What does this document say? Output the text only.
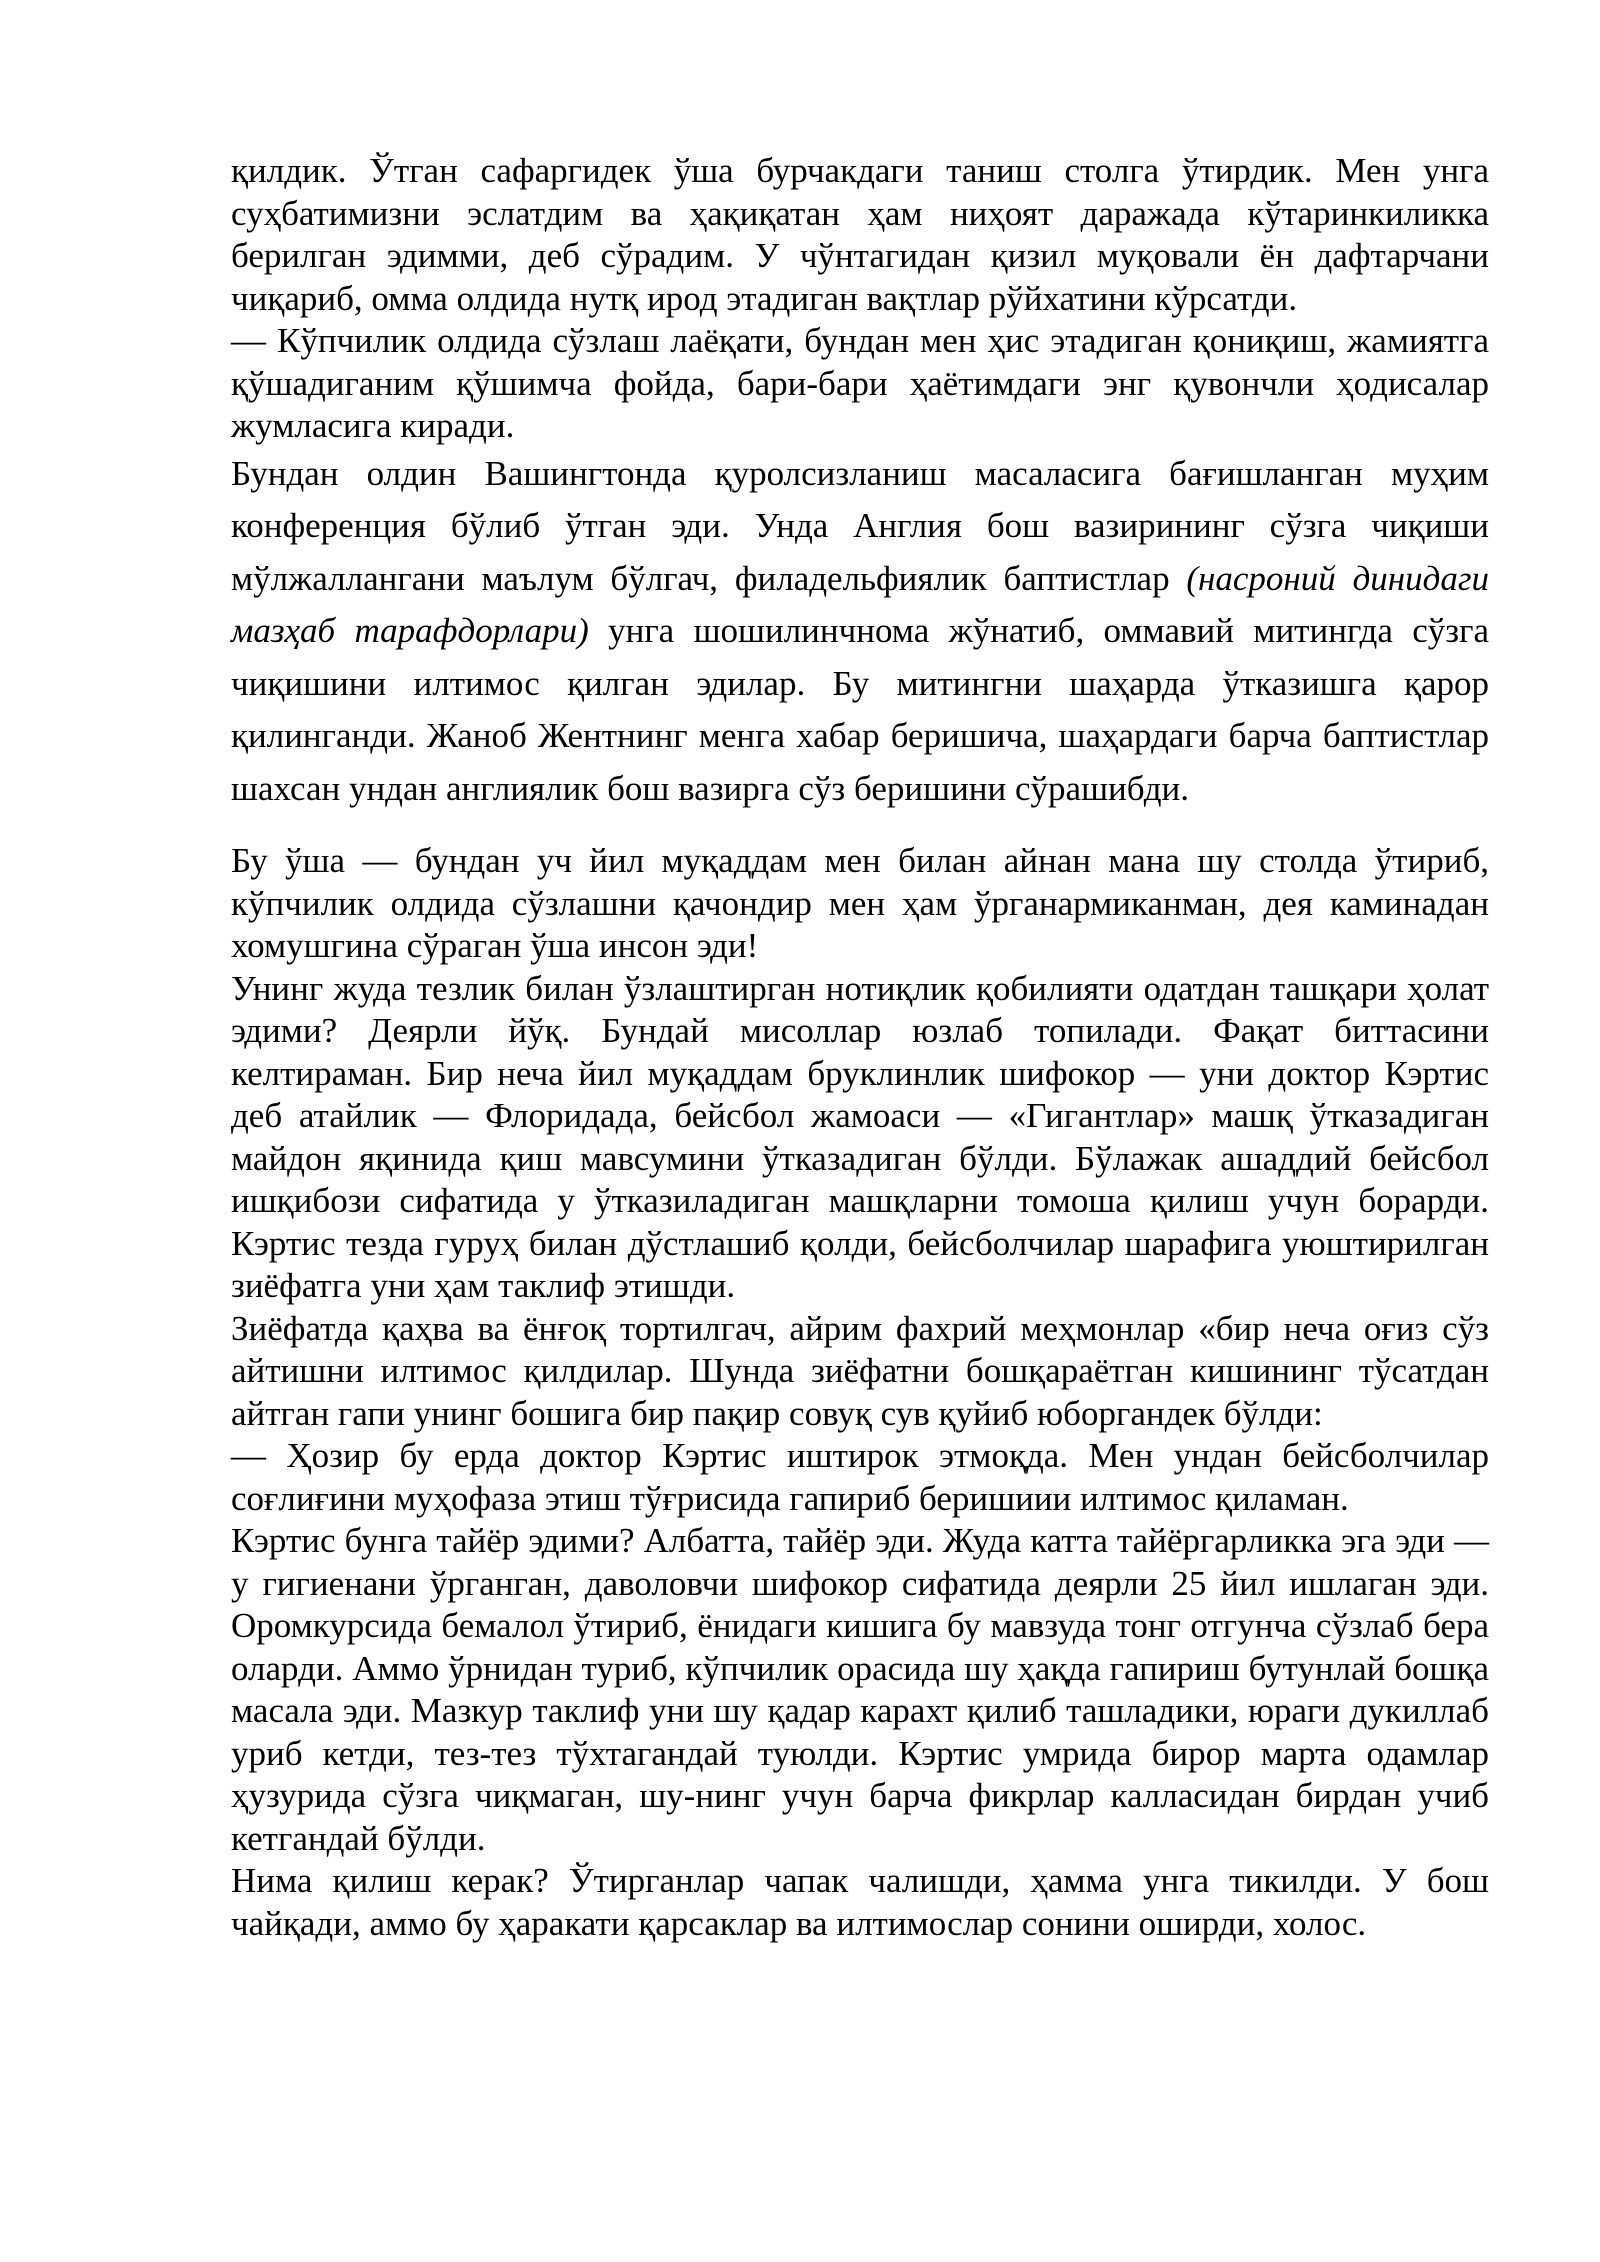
қилдик. Ўтган сафаргидек ўша бурчакдаги таниш столга ўтирдик. Мен унга суҳбатимизни эслатдим ва ҳақиқатан ҳам ниҳоят даражада кўтаринкиликка берилган эдимми, деб сўрадим. У чўнтагидан қизил муқовали ён дафтарчани чиқариб, омма олдида нутқ ирод этадиган вақтлар рўйхатини кўрсатди.

— Кўпчилик олдида сўзлаш лаёқати, бундан мен ҳис этадиган қониқиш, жамиятга қўшадиганим қўшимча фойда, бари-бари ҳаётимдаги энг қувончли ҳодисалар жумласига киради.

Бундан олдин Вашингтонда қуролсизланиш масаласига бағишланган муҳим конференция бўлиб ўтган эди. Унда Англия бош вазирининг сўзга чиқиши мўлжаллангани маълум бўлгач, филадельфиялик баптистлар (насроний динидаги мазҳаб тарафдорлари) унга шошилинчнома жўнатиб, оммавий митингда сўзга чиқишини илтимос қилган эдилар. Бу митингни шаҳарда ўтказишга қарор қилинганди. Жаноб Жентнинг менга хабар беришича, шаҳардаги барча баптистлар шахсан ундан англиялик бош вазирга сўз беришини сўрашибди.

Бу ўша — бундан уч йил муқаддам мен билан айнан мана шу столда ўтириб, кўпчилик олдида сўзлашни қачондир мен ҳам ўрганармиканман, дея каминадан хомушгина сўраган ўша инсон эди!

Унинг жуда тезлик билан ўзлаштирган нотиқлик қобилияти одатдан ташқари ҳолат эдими? Деярли йўқ. Бундай мисоллар юзлаб топилади. Фақат биттасини келтираман. Бир неча йил муқаддам бруклинлик шифокор — уни доктор Кэртис деб атайлик — Флоридада, бейсбол жамоаси — «Гигантлар» машқ ўтказадиган майдон яқинида қиш мавсумини ўтказадиган бўлди. Бўлажак ашаддий бейсбол ишқибози сифатида у ўтказиладиган машқларни томоша қилиш учун борарди. Кэртис тезда гуруҳ билан дўстлашиб қолди, бейсболчилар шарафига уюштирилган зиёфатга уни ҳам таклиф этишди.

Зиёфатда қаҳва ва ёнғоқ тортилгач, айрим фахрий меҳмонлар «бир неча оғиз сўз айтишни илтимос қилдилар. Шунда зиёфатни бошқараётган кишининг тўсатдан айтган гапи унинг бошига бир пақир совуқ сув қуйиб юборгандек бўлди:

— Ҳозир бу ерда доктор Кэртис иштирок этмоқда. Мен ундан бейсболчилар соғлиғини муҳофаза этиш тўғрисида гапириб беришиии илтимос қиламан.

Кэртис бунга тайёр эдими? Албатта, тайёр эди. Жуда катта тайёргарликка эга эди — у гигиенани ўрганган, даволовчи шифокор сифатида деярли 25 йил ишлаган эди. Оромкурсида бемалол ўтириб, ёнидаги кишига бу мавзуда тонг отгунча сўзлаб бера оларди. Аммо ўрнидан туриб, кўпчилик орасида шу ҳақда гапириш бутунлай бошқа масала эди. Мазкур таклиф уни шу қадар карахт қилиб ташладики, юраги дукиллаб уриб кетди, тез-тез тўхтагандай туюлди. Кэртис умрида бирор марта одамлар ҳузурида сўзга чиқмаган, шу-нинг учун барча фикрлар калласидан бирдан учиб кетгандай бўлди.

Нима қилиш керак? Ўтирганлар чапак чалишди, ҳамма унга тикилди. У бош чайқади, аммо бу ҳаракати қарсаклар ва илтимослар сонини оширди, холос.
